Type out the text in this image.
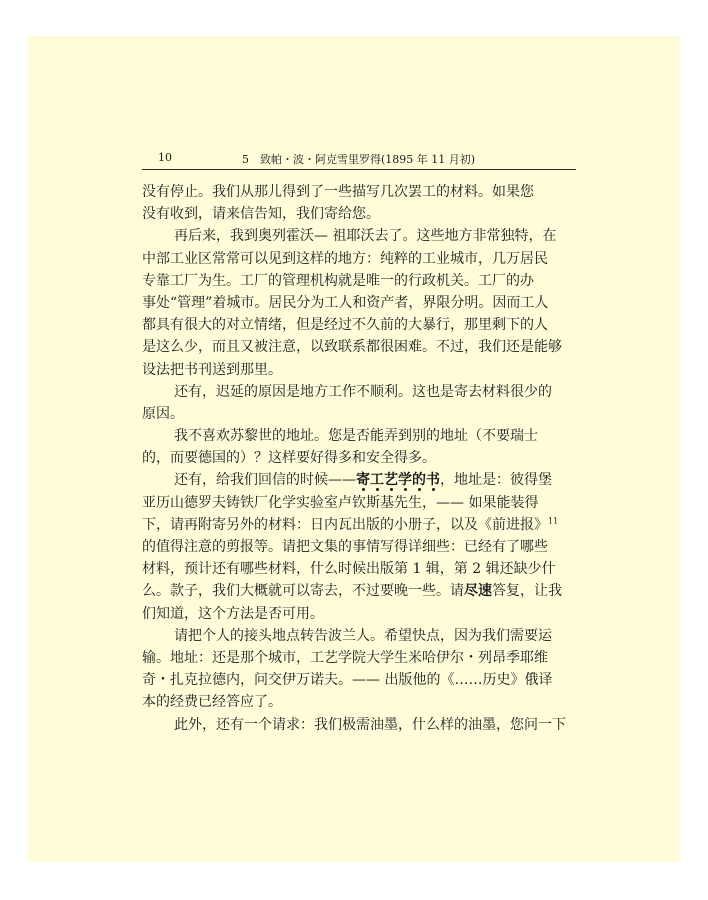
10	5　致帕・波・阿克雪里罗得(1895 年 11 月初)
没有停止。我们从那儿得到了一些描写几次罢工的材料。如果您
没有收到，请来信告知，我们寄给您。
再后来，我到奥列霍沃— 祖耶沃去了。这些地方非常独特，在
中部工业区常常可以见到这样的地方：纯粹的工业城市，几万居民
专靠工厂为生。工厂的管理机构就是唯一的行政机关。工厂的办
事处“管理”着城市。居民分为工人和资产者，界限分明。因而工人
都具有很大的对立情绪，但是经过不久前的大暴行，那里剩下的人
是这么少，而且又被注意，以致联系都很困难。不过，我们还是能够
设法把书刊送到那里。
还有，迟延的原因是地方工作不顺利。这也是寄去材料很少的
原因。
我不喜欢苏黎世的地址。您是否能弄到别的地址（不要瑞士
的，而要德国的）？这样要好得多和安全得多。
还有，给我们回信的时候——寄工艺学的书，地址是：彼得堡
亚历山德罗夫铸铁厂化学实验室卢钦斯基先生，—— 如果能装得
下，请再附寄另外的材料：日内瓦出版的小册子，以及《前进报》$^{11}$
的值得注意的剪报等。请把文集的事情写得详细些：已经有了哪些
材料，预计还有哪些材料，什么时候出版第 1 辑，第 2 辑还缺少什
么。款子，我们大概就可以寄去，不过要晚一些。请尽速答复，让我
们知道，这个方法是否可用。
请把个人的接头地点转告波兰人。希望快点，因为我们需要运
输。地址：还是那个城市，工艺学院大学生米哈伊尔・列昂季耶维
奇・扎克拉德内，问交伊万诺夫。—— 出版他的《……历史》俄译
本的经费已经答应了。
此外，还有一个请求：我们极需油墨，什么样的油墨，您问一下
